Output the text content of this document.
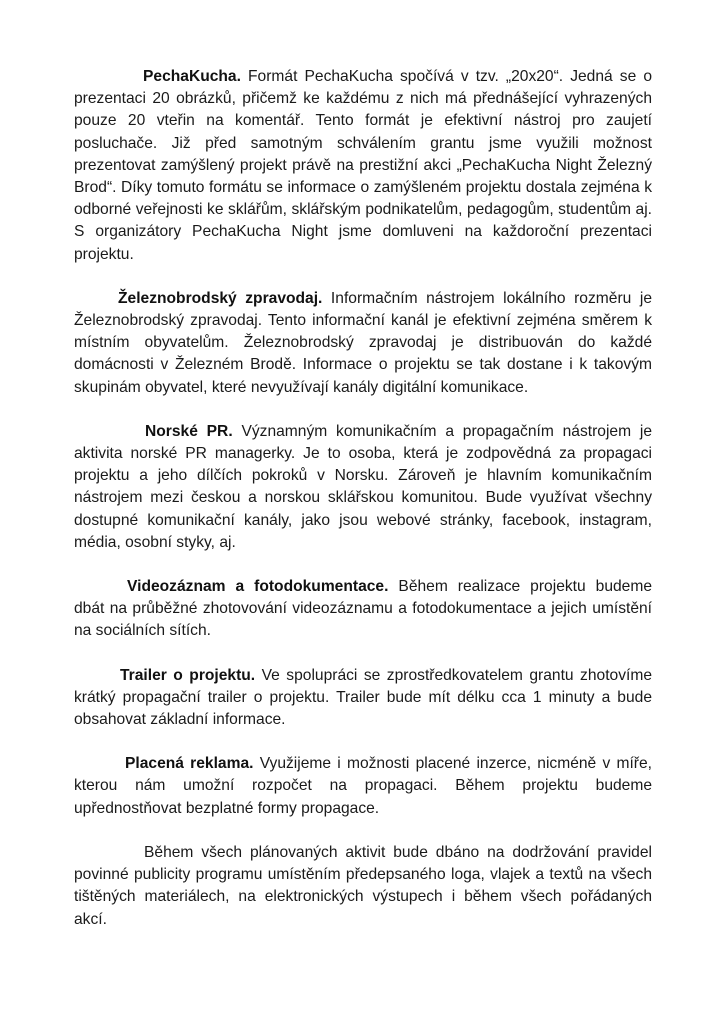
PechaKucha. Formát PechaKucha spočívá v tzv. „20x20“. Jedná se o prezentaci 20 obrázků, přičemž ke každému z nich má přednášející vyhrazených pouze 20 vteřin na komentář. Tento formát je efektivní nástroj pro zaujetí posluchače. Již před samotným schválením grantu jsme využili možnost prezentovat zamýšlený projekt právě na prestižní akci „PechaKucha Night Železný Brod“. Díky tomuto formátu se informace o zamýšleném projektu dostala zejména k odborné veřejnosti ke sklářům, sklářským podnikatelům, pedagogům, studentům aj. S organizátory PechaKucha Night jsme domluveni na každoroční prezentaci projektu.

Železnobrodský zpravodaj. Informačním nástrojem lokálního rozměru je Železnobrodský zpravodaj. Tento informační kanál je efektivní zejména směrem k místním obyvatelům. Železnobrodský zpravodaj je distribuován do každé domácnosti v Železném Brodě. Informace o projektu se tak dostane i k takovým skupinám obyvatel, které nevyužívají kanály digitální komunikace.

Norské PR. Významným komunikačním a propagačním nástrojem je aktivita norské PR managerky. Je to osoba, která je zodpovědná za propagaci projektu a jeho dílčích pokroků v Norsku. Zároveň je hlavním komunikačním nástrojem mezi českou a norskou sklářskou komunitou. Bude využívat všechny dostupné komunikační kanály, jako jsou webové stránky, facebook, instagram, média, osobní styky, aj.

Videozáznam a fotodokumentace. Během realizace projektu budeme dbát na průběžné zhotovování videozáznamu a fotodokumentace a jejich umístění na sociálních sítích.

Trailer o projektu. Ve spolupráci se zprostředkovatelem grantu zhotovíme krátký propagační trailer o projektu. Trailer bude mít délku cca 1 minuty a bude obsahovat základní informace.

Placená reklama. Využijeme i možnosti placené inzerce, nicméně v míře, kterou nám umožní rozpočet na propagaci. Během projektu budeme upřednostňovat bezplatné formy propagace.

Během všech plánovaných aktivit bude dbáno na dodržování pravidel povinné publicity programu umístěním předepsaného loga, vlajek a textů na všech tištěných materiálech, na elektronických výstupech i během všech pořádaných akcí.
